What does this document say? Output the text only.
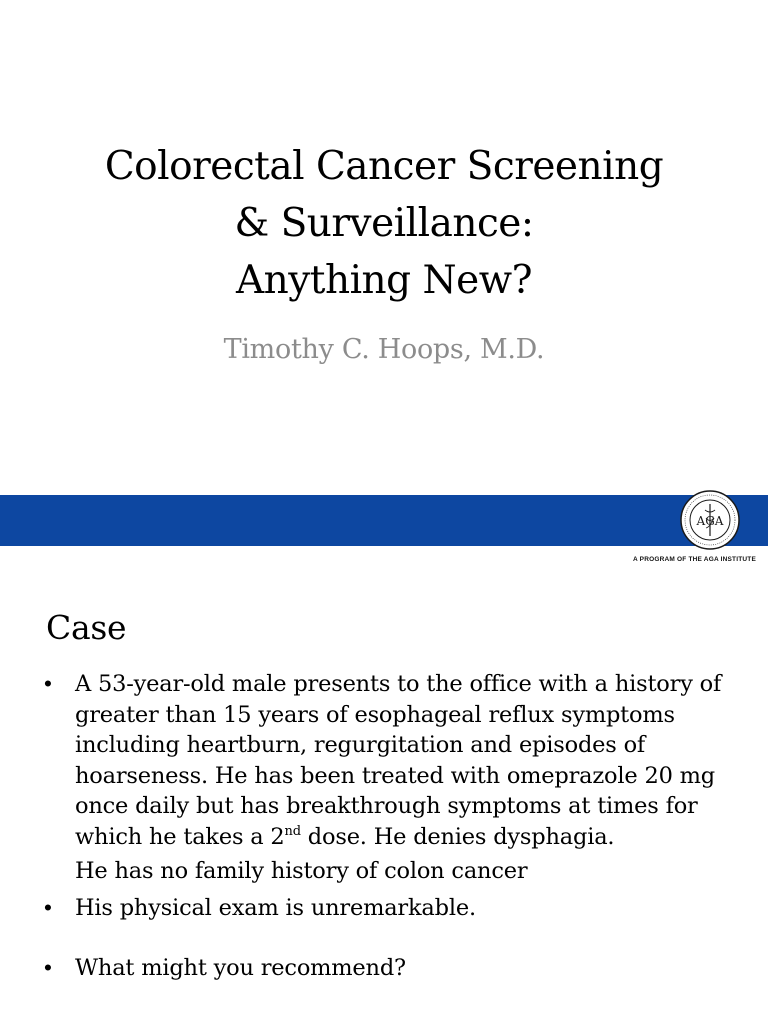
Colorectal Cancer Screening
& Surveillance:
Anything New?
Timothy C. Hoops, M.D.
AGA
A PROGRAM OF THE AGA INSTITUTE
Case
• A 53-year-old male presents to the office with a history of
greater than 15 years of esophageal reflux symptoms
including heartburn, regurgitation and episodes of
hoarseness. He has been treated with omeprazole 20 mg
once daily but has breakthrough symptoms at times for
which he takes a 2nd dose. He denies dysphagia.
He has no family history of colon cancer
• His physical exam is unremarkable.
• What might you recommend?
